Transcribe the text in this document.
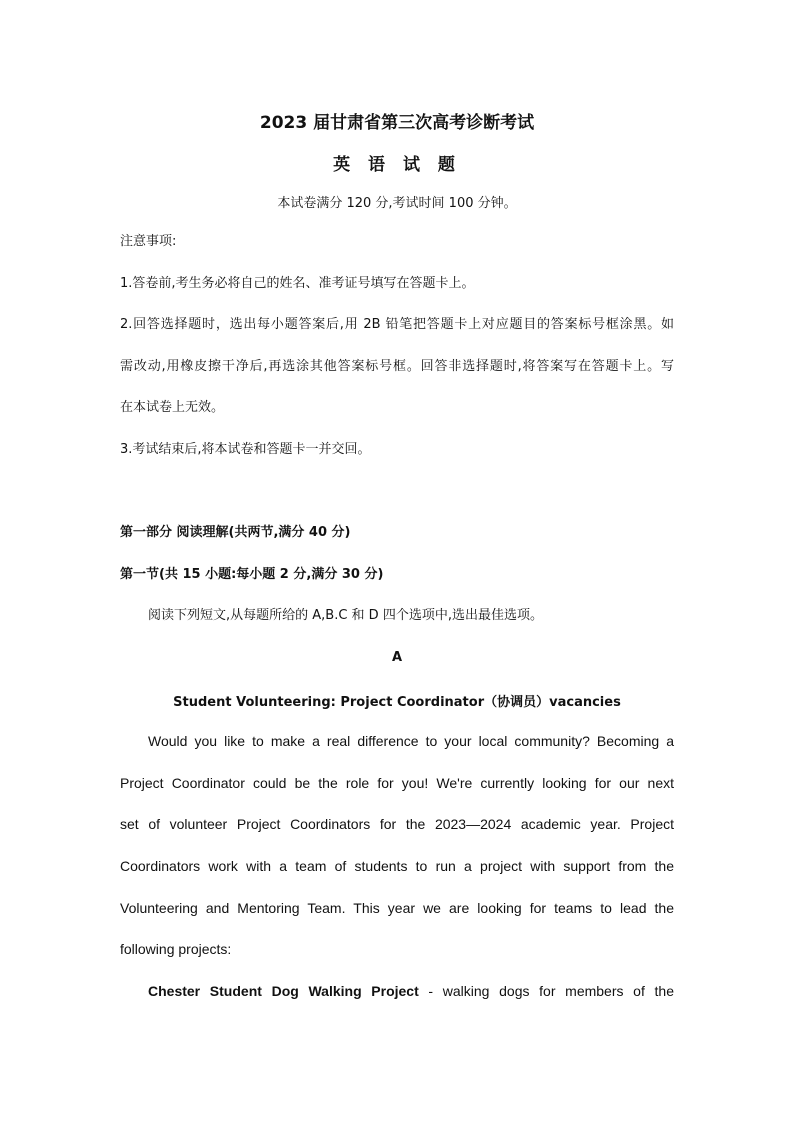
2023 届甘肃省第三次高考诊断考试
英 语 试 题
本试卷满分 120 分,考试时间 100 分钟。
注意事项:
1.答卷前,考生务必将自己的姓名、准考证号填写在答题卡上。
2.回答选择题时，选出每小题答案后,用 2B 铅笔把答题卡上对应题目的答案标号框涂黑。如
需改动,用橡皮擦干净后,再选涂其他答案标号框。回答非选择题时,将答案写在答题卡上。写
在本试卷上无效。
3.考试结束后,将本试卷和答题卡一并交回。
第一部分 阅读理解(共两节,满分 40 分)
第一节(共 15 小题:每小题 2 分,满分 30 分)
阅读下列短文,从每题所给的 A,B.C 和 D 四个选项中,选出最佳选项。
A
Student Volunteering: Project Coordinator（协调员）vacancies
Would you like to make a real difference to your local community? Becoming a
Project Coordinator could be the role for you! We're currently looking for our next
set of volunteer Project Coordinators for the 2023—2024 academic year. Project
Coordinators work with a team of students to run a project with support from the
Volunteering and Mentoring Team. This year we are looking for teams to lead the
following projects:
Chester Student Dog Walking Project - walking dogs for members of the
